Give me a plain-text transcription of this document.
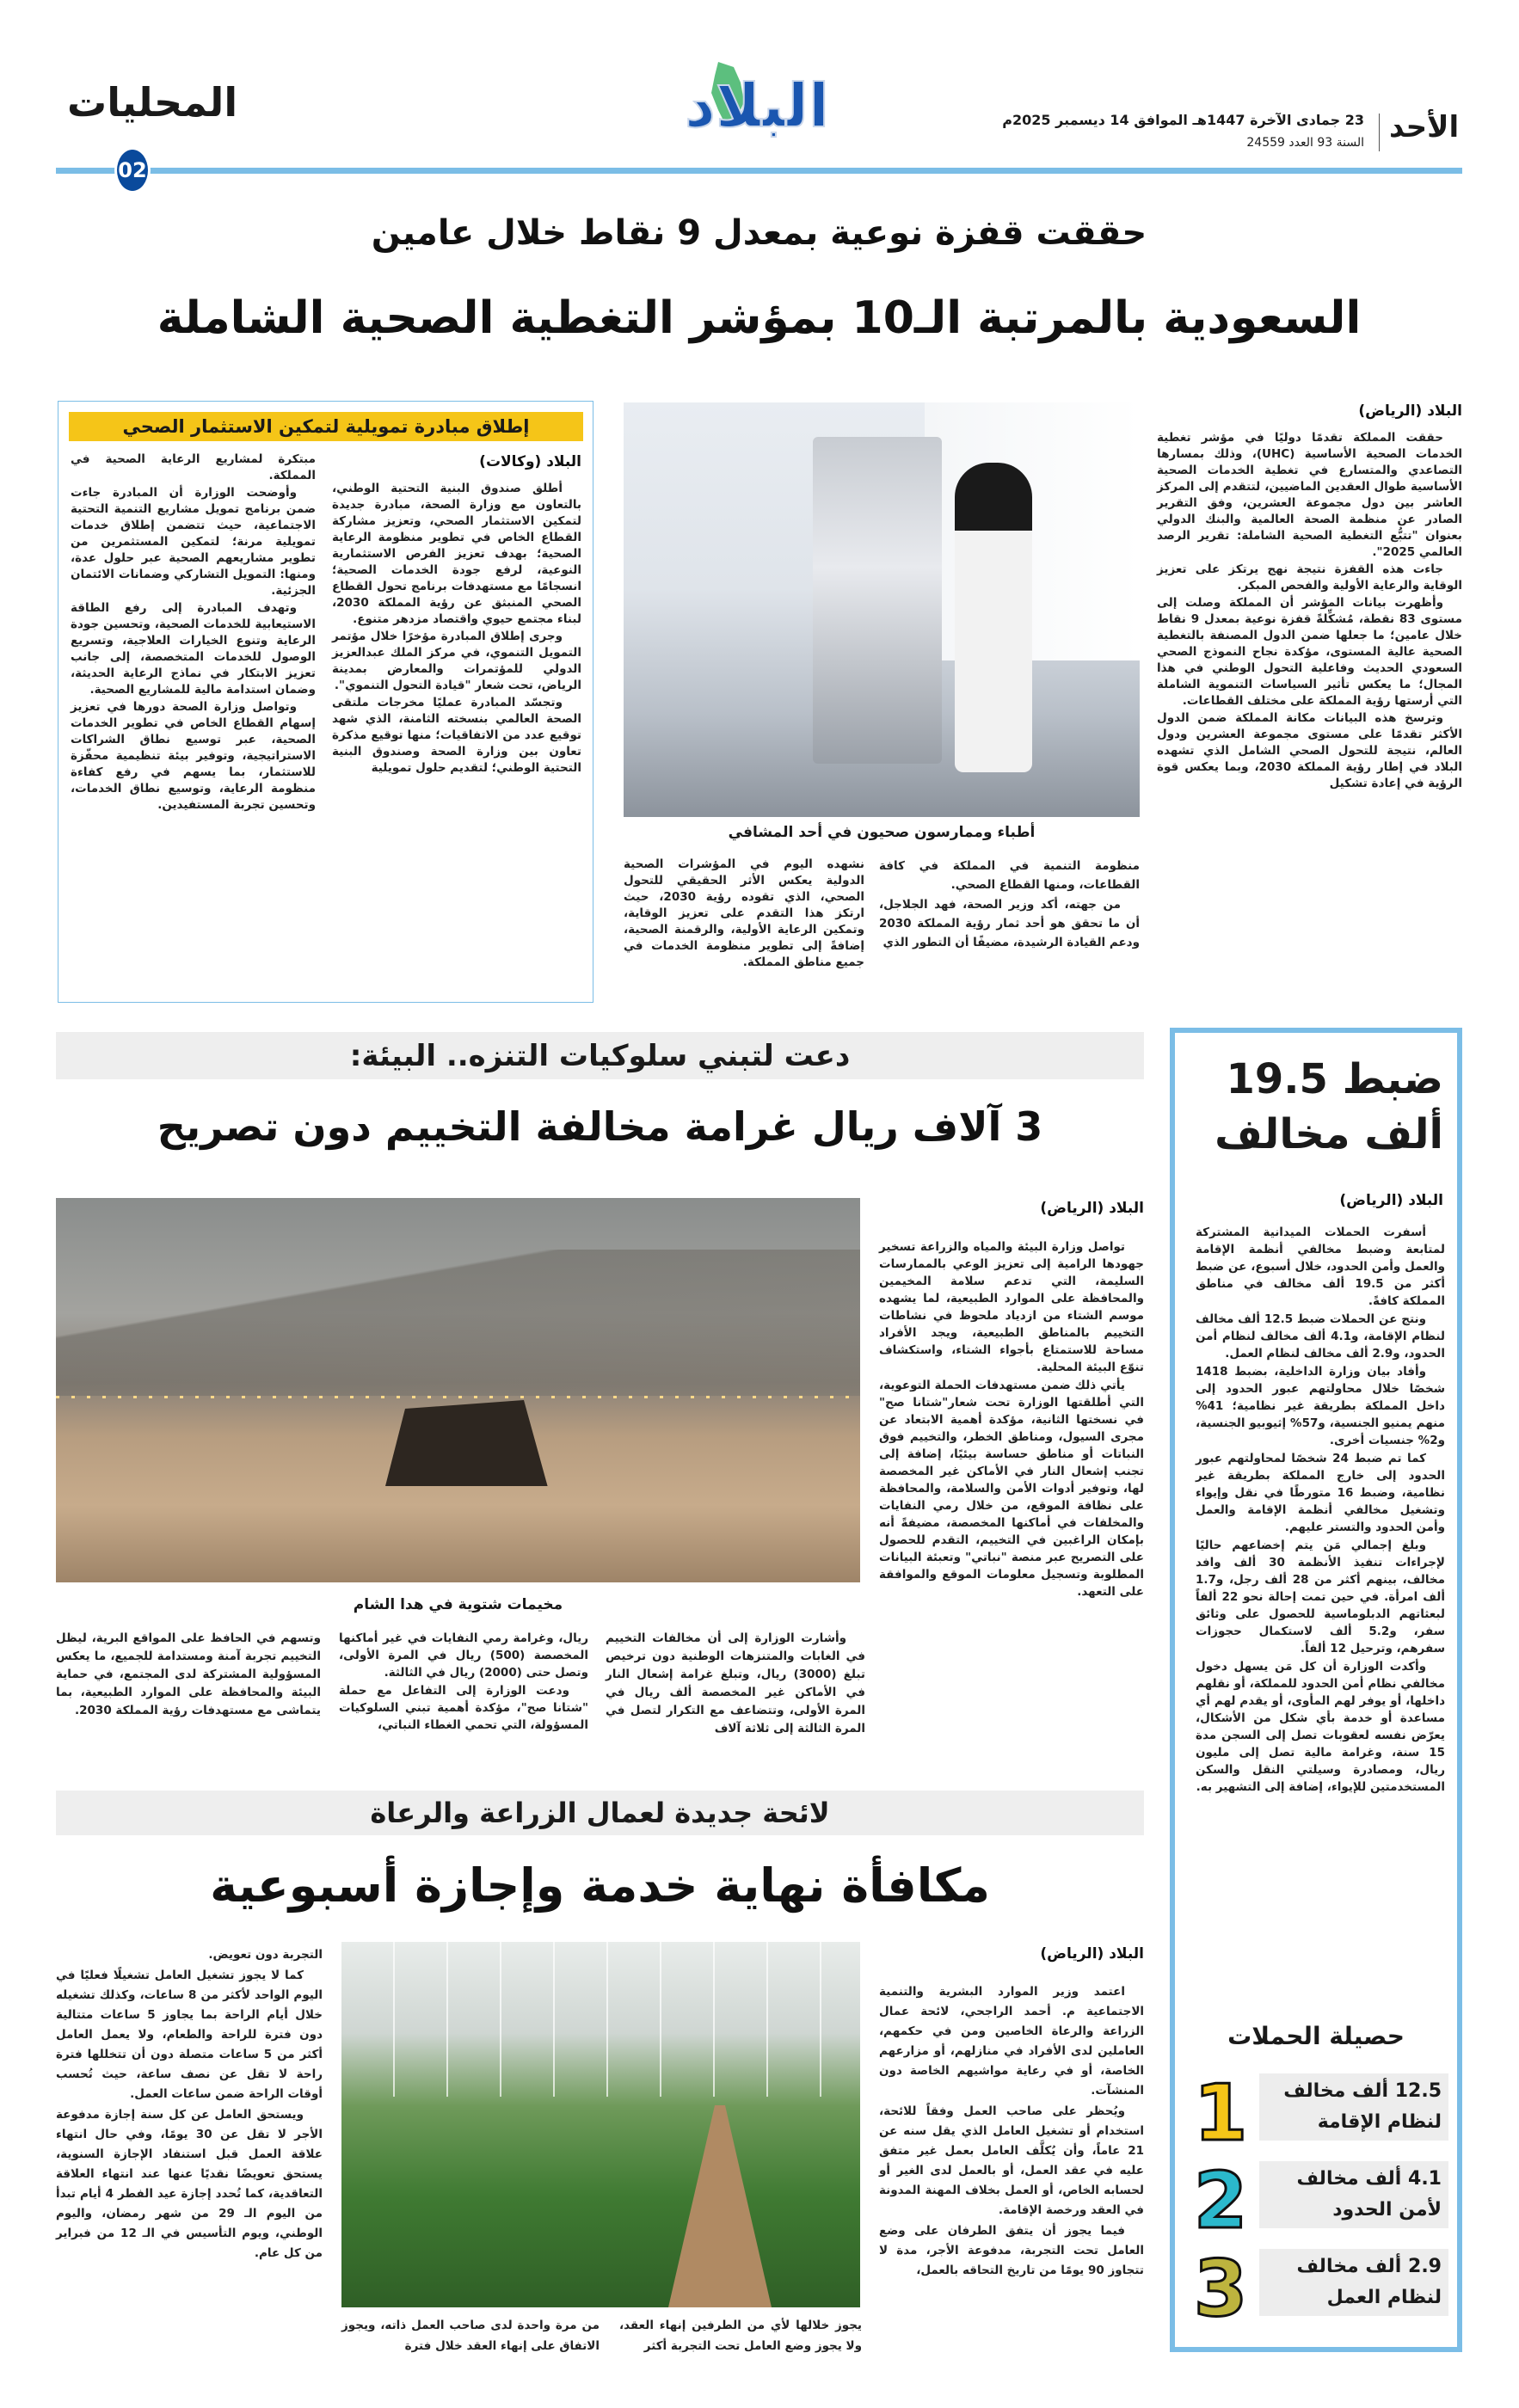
الأحد
23 جمادى الآخرة 1447هـ الموافق 14 ديسمبر 2025م
السنة 93 العدد 24559
البلاد
المحليات
02
حققت قفزة نوعية بمعدل 9 نقاط خلال عامين
السعودية بالمرتبة الـ10 بمؤشر التغطية الصحية الشاملة
البلاد (الرياض)

حققت المملكة تقدمًا دوليًا في مؤشر تغطية الخدمات الصحية الأساسية (UHC)، وذلك بمسارها التصاعدي والمتسارع في تغطية الخدمات الصحية الأساسية طوال العقدين الماضيين، لتتقدم إلى المركز العاشر بين دول مجموعة العشرين، وفق التقرير الصادر عن منظمة الصحة العالمية والبنك الدولي بعنوان "تتبُّع التغطية الصحية الشاملة: تقرير الرصد العالمي 2025".

جاءت هذه القفزة نتيجة نهج يرتكز على تعزيز الوقاية والرعاية الأولية والفحص المبكر.

وأظهرت بيانات المؤشر أن المملكة وصلت إلى مستوى 83 نقطة، مُشكِّلةً قفزة نوعية بمعدل 9 نقاط خلال عامين؛ ما جعلها ضمن الدول المصنفة بالتغطية الصحية عالية المستوى، مؤكدة نجاح النموذج الصحي السعودي الحديث وفاعلية التحول الوطني في هذا المجال؛ ما يعكس تأثير السياسات التنموية الشاملة التي أرستها رؤية المملكة على مختلف القطاعات.

وترسخ هذه البيانات مكانة المملكة ضمن الدول الأكثر تقدمًا على مستوى مجموعة العشرين ودول العالم، نتيجة للتحول الصحي الشامل الذي تشهده البلاد في إطار رؤية المملكة 2030، وبما يعكس قوة الرؤية في إعادة تشكيل

أطباء وممارسون صحيون في أحد المشافي

منظومة التنمية في المملكة في كافة القطاعات، ومنها القطاع الصحي.

من جهته، أكد وزير الصحة، فهد الجلاجل، أن ما تحقق هو أحد ثمار رؤية المملكة 2030 ودعم القيادة الرشيدة، مضيفًا أن التطور الذي

نشهده اليوم في المؤشرات الصحية الدولية يعكس الأثر الحقيقي للتحول الصحي، الذي تقوده رؤية 2030، حيث ارتكز هذا التقدم على تعزيز الوقاية، وتمكين الرعاية الأولية، والرقمنة الصحية، إضافةً إلى تطوير منظومة الخدمات في جميع مناطق المملكة.

إطلاق مبادرة تمويلية لتمكين الاستثمار الصحي
البلاد (وكالات)

أطلق صندوق البنية التحتية الوطني، بالتعاون مع وزارة الصحة، مبادرة جديدة لتمكين الاستثمار الصحي، وتعزيز مشاركة القطاع الخاص في تطوير منظومة الرعاية الصحية؛ بهدف تعزيز الفرص الاستثمارية النوعية، لرفع جودة الخدمات الصحية؛ انسجامًا مع مستهدفات برنامج تحول القطاع الصحي المنبثق عن رؤية المملكة 2030، لبناء مجتمع حيوي واقتصاد مزدهر متنوع.

وجرى إطلاق المبادرة مؤخرًا خلال مؤتمر التمويل التنموي، في مركز الملك عبدالعزيز الدولي للمؤتمرات والمعارض بمدينة الرياض، تحت شعار "قيادة التحول التنموي".

وتجسّد المبادرة عمليًا مخرجات ملتقى الصحة العالمي بنسخته الثامنة، الذي شهد توقيع عدد من الاتفاقيات؛ منها توقيع مذكرة تعاون بين وزارة الصحة وصندوق البنية التحتية الوطني؛ لتقديم حلول تمويلية

مبتكرة لمشاريع الرعاية الصحية في المملكة.

وأوضحت الوزارة أن المبادرة جاءت ضمن برنامج تمويل مشاريع التنمية التحتية الاجتماعية، حيث تتضمن إطلاق خدمات تمويلية مرنة؛ لتمكين المستثمرين من تطوير مشاريعهم الصحية عبر حلول عدة، ومنها: التمويل التشاركي وضمانات الائتمان الجزئية.

وتهدف المبادرة إلى رفع الطاقة الاستيعابية للخدمات الصحية، وتحسين جودة الرعاية وتنوع الخيارات العلاجية، وتسريع الوصول للخدمات المتخصصة، إلى جانب تعزيز الابتكار في نماذج الرعاية الحديثة، وضمان استدامة مالية للمشاريع الصحية.

وتواصل وزارة الصحة دورها في تعزيز إسهام القطاع الخاص في تطوير الخدمات الصحية، عبر توسيع نطاق الشراكات الاستراتيجية، وتوفير بيئة تنظيمية محفّزة للاستثمار، بما يسهم في رفع كفاءة منظومة الرعاية، وتوسيع نطاق الخدمات، وتحسين تجربة المستفيدين.

دعت لتبني سلوكيات التنزه.. البيئة:
3 آلاف ريال غرامة مخالفة التخييم دون تصريح
مخيمات شتوية في هدا الشام
البلاد (الرياض)

تواصل وزارة البيئة والمياه والزراعة تسخير جهودها الرامية إلى تعزيز الوعي بالممارسات السليمة، التي تدعم سلامة المخيمين والمحافظة على الموارد الطبيعية، لما يشهده موسم الشتاء من ازدياد ملحوظ في نشاطات التخييم بالمناطق الطبيعية، ويجد الأفراد مساحة للاستمتاع بأجواء الشتاء، واستكشاف تنوّع البيئة المحلية.

يأتي ذلك ضمن مستهدفات الحملة التوعوية، التي أطلقتها الوزارة تحت شعار"شتانا صح" في نسختها الثانية، مؤكدة أهمية الابتعاد عن مجرى السيول، ومناطق الخطر، والتخييم فوق النباتات أو مناطق حساسة بيئيًا، إضافة إلى تجنب إشعال النار في الأماكن غير المخصصة لها، وتوفير أدوات الأمن والسلامة، والمحافظة على نظافة الموقع، من خلال رمي النفايات والمخلفات في أماكنها المخصصة، مضيفةً أنه بإمكان الراغبين في التخييم، التقدم للحصول على التصريح عبر منصة "نباتي" وتعبئة البيانات المطلوبة وتسجيل معلومات الموقع والموافقة على التعهد.

وأشارت الوزارة إلى أن مخالفات التخييم في الغابات والمتنزهات الوطنية دون ترخيص تبلغ (3000) ريال، وتبلغ غرامة إشعال النار في الأماكن غير المخصصة ألف ريال في المرة الأولى، وتتضاعف مع التكرار لتصل في المرة الثالثة إلى ثلاثة آلاف

ريال، وغرامة رمي النفايات في غير أماكنها المخصصة (500) ريال في المرة الأولى، وتصل حتى (2000) ريال في الثالثة.

ودعت الوزارة إلى التفاعل مع حملة "شتانا صح"، مؤكدة أهمية تبني السلوكيات المسؤولة، التي تحمي الغطاء النباتي،

وتسهم في الحافظ على المواقع البرية، ليظل التخييم تجربة آمنة ومستدامة للجميع، ما يعكس المسؤولية المشتركة لدى المجتمع، في حماية البيئة والمحافظة على الموارد الطبيعية، بما يتماشى مع مستهدفات رؤية المملكة 2030.

ضبط 19.5
ألف مخالف
البلاد (الرياض)

أسفرت الحملات الميدانية المشتركة لمتابعة وضبط مخالفي أنظمة الإقامة والعمل وأمن الحدود، خلال أسبوع، عن ضبط أكثر من 19.5 ألف مخالف في مناطق المملكة كافةً.

ونتج عن الحملات ضبط 12.5 ألف مخالف لنظام الإقامة، و4.1 ألف مخالف لنظام أمن الحدود، و2.9 ألف مخالف لنظام العمل.

وأفاد بيان وزارة الداخلية، بضبط 1418 شخصًا خلال محاولتهم عبور الحدود إلى داخل المملكة بطريقة غير نظامية؛ 41% منهم يمنيو الجنسية، و57% إثيوبيو الجنسية، و2% جنسيات أخرى.

كما تم ضبط 24 شخصًا لمحاولتهم عبور الحدود إلى خارج المملكة بطريقة غير نظامية، وضبط 16 متورطًا في نقل وإيواء وتشغيل مخالفي أنظمة الإقامة والعمل وأمن الحدود والتستر عليهم.

وبلغ إجمالي مَن يتم إخضاعهم حاليًا لإجراءات تنفيذ الأنظمة 30 ألف وافد مخالف، بينهم أكثر من 28 ألف رجل، و1.7 ألف امرأة. في حين تمت إحالة نحو 22 ألفاً لبعثاتهم الدبلوماسية للحصول على وثائق سفر، و5.2 ألف لاستكمال حجوزات سفرهم، وترحيل 12 ألفاً.

وأكدت الوزارة أن كل مَن يسهل دخول مخالفي نظام أمن الحدود للمملكة، أو نقلهم داخلها، أو يوفر لهم المأوى، أو يقدم لهم أي مساعدة أو خدمة بأي شكل من الأشكال، يعرّض نفسه لعقوبات تصل إلى السجن مدة 15 سنة، وغرامة مالية تصل إلى مليون ريال، ومصادرة وسيلتي النقل والسكن المستخدمتين للإيواء، إضافة إلى التشهير به.

حصيلة الحملات
1	12.5 ألف مخالف
لنظام الإقامة
2	4.1 ألف مخالف
لأمن الحدود
3	2.9 ألف مخالف
لنظام العمل
لائحة جديدة لعمال الزراعة والرعاة
مكافأة نهاية خدمة وإجازة أسبوعية
البلاد (الرياض)

اعتمد وزير الموارد البشرية والتنمية الاجتماعية م. أحمد الراجحي، لائحة عمال الزراعة والرعاة الخاصين ومن في حكمهم، العاملين لدى الأفراد في منازلهم، أو مزارعهم الخاصة، أو في رعاية مواشيهم الخاصة دون المنشآت.

ويُحظر على صاحب العمل وفقاً للائحة، استخدام أو تشغيل العامل الذي يقل سنه عن 21 عاماً، وأن يُكلَّف العامل بعمل غير متفق عليه في عقد العمل، أو بالعمل لدى الغير أو لحسابه الخاص، أو العمل بخلاف المهنة المدونة في العقد ورخصة الإقامة.

فيما يجوز أن يتفق الطرفان على وضع العامل تحت التجربة، مدفوعة الأجر، مدة لا تتجاوز 90 يومًا من تاريخ التحاقه بالعمل،

يجوز خلالها لأي من الطرفين إنهاء العقد، ولا يجوز وضع العامل تحت التجربة أكثر

من مرة واحدة لدى صاحب العمل ذاته، ويجوز الاتفاق على إنهاء العقد خلال فترة

التجربة دون تعويض.

كما لا يجوز تشغيل العامل تشغيلًا فعليًا في اليوم الواحد لأكثر من 8 ساعات، وكذلك تشغيله خلال أيام الراحة بما يجاوز 5 ساعات متتالية دون فترة للراحة والطعام، ولا يعمل العامل أكثر من 5 ساعات متصلة دون أن تتخللها فترة راحة لا تقل عن نصف ساعة، حيث تُحسب أوقات الراحة ضمن ساعات العمل.

ويستحق العامل عن كل سنة إجازة مدفوعة الأجر لا تقل عن 30 يومًا، وفي حال انتهاء علاقة العمل قبل استنفاد الإجازة السنوية، يستحق تعويضًا نقديًا عنها عند انتهاء العلاقة التعاقدية، كما تُحدد إجازة عيد الفطر 4 أيام تبدأ من اليوم الـ 29 من شهر رمضان، واليوم الوطني، ويوم التأسيس في الـ 12 من فبراير من كل عام.
